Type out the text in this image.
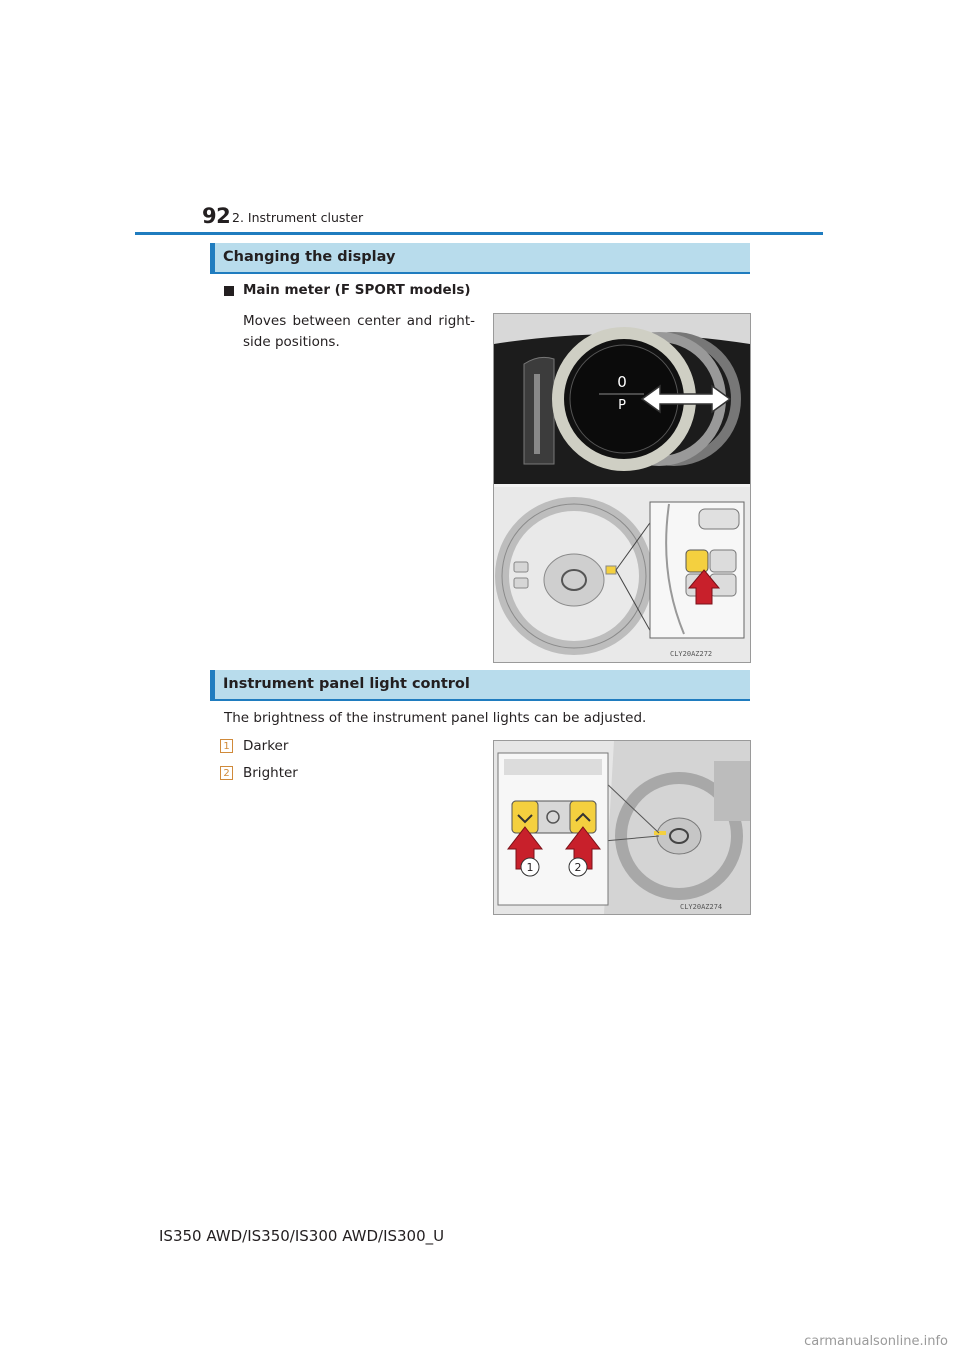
92 2. Instrument cluster
Changing the display
Main meter (F SPORT models)
Moves between center and right-
side positions.
0
P
CLY20AZ272
Instrument panel light control
The brightness of the instrument panel lights can be adjusted.
1 Darker
2 Brighter
1	2
CLY20AZ274
IS350 AWD/IS350/IS300 AWD/IS300_U
carmanualsonline.info
